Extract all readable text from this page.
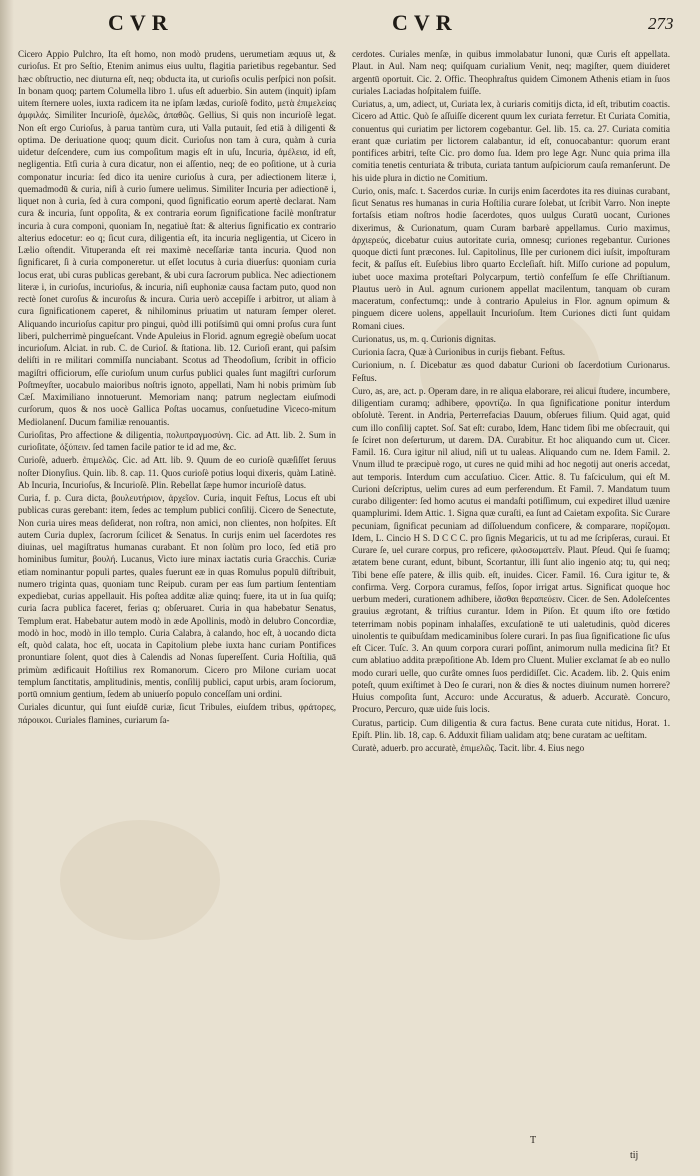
CVR	CVR	273

Cicero Appio Pulchro, Ita eſt homo, non modò prudens, uerumetiam æquus ut, & curioſus. Et pro Seſtio, Etenim animus eius uultu, flagitia parietibus regebantur. Sed hæc obſtructio, nec diuturna eſt, neq; obducta ita, ut curioſis oculis perſpici non poſsit. In bonam quoq; partem Columella libro 1. uſus eſt aduerbio. Sin autem (inquit) ipſam uitem ſternere uoles, iuxta radicem ita ne ipſam lædas, curioſè fodito, μετὰ ἐπιμελείας ἀμφιλάς. Similiter Incurioſè, ἀμελῶς, ἀπαθῶς. Gellius, Si quis non incurioſè legat. Non eſt ergo Curioſus, à parua tantùm cura, uti Valla putauit, ſed etiā à diligenti & optima. De deriuatione quoq; quum dicit. Curioſus non tam à cura, quàm à curia uidetur deſcendere, cum ius compoſitum magis eſt in uſu, Incuria, ἀμέλεια, id eſt, negligentia. Etſi curia à cura dicatur, non ei aſſentio, neq; de eo poſitione, ut à curia componatur incuria: ſed dico ita uenire curioſus à cura, per adiectionem literæ i, quemadmodū & curia, niſi à curio ſumere uelimus. Similiter Incuria per adiectionē i, liquet non à curia, ſed à cura componi, quod ſignificatio eorum apertè declarat. Nam cura & incuria, ſunt oppoſita, & ex contraria eorum ſignificatione facilè monſtratur incuria à cura componi, quoniam In, negatiuè ſtat: & alterius ſignificatio ex contrario alterius edocetur: eo q; ſicut cura, diligentia eſt, ita incuria negligentia, ut Cicero in Lælio oſtendit. Vituperanda eſt rei maximè neceſſariæ tanta incuria. Quod non ſignificaret, ſi à curia componeretur. ut eſſet locutus à curia diuerſus: quoniam curia locus erat, ubi curas publicas gerebant, & ubi cura ſacrorum publica. Nec adiectionem literæ i, in curioſus, incurioſus, & incuria, niſi euphoniæ causa factam puto, quod non rectè ſonet curoſus & incuroſus & incura. Curia uerò accepiſſe i arbitror, ut aliam à cura ſignificationem caperet, & nihilominus priuatim ut naturam ſemper oleret. Aliquando incurioſus capitur pro pingui, quòd illi potiſsimū qui omni proſus cura ſunt liberi, pulcherrimè pingueſcant. Vnde Apuleius in Florid. agnum egregiè obeſum uocat incurioſum. Alciat. in rub. C. de Curioſ. & ſtationa. lib. 12. Curioſi erant, qui paſsim deliſti in re militari commiſſa nunciabant. Scotus ad Theodoſium, ſcribit in officio magiſtri officiorum, eſſe curioſum unum curſus publici quales ſunt magiſtri curſorum Poſtmeyſter, uocabulo maioribus noſtris ignoto, appellati, Nam hi nobis primùm ſub Cæſ. Maximiliano innotuerunt. Memoriam nanq; patrum neglectam eiuſmodi curſorum, quos & nos uocè Gallica Poſtas uocamus, conſuetudine Viceco-mitum Mediolanenſ. Ducum familiæ renouantis.

Curioſitas, Pro affectione & diligentia, πολυπραγμοσύνη. Cic. ad Att. lib. 2. Sum in curioſitate, ὀξύπειν. ſed tamen facile patior te id ad me, &c.

Curioſè, aduerb. ἐπιμελῶς. Cic. ad Att. lib. 9. Quum de eo curioſè quæſiſſet ſeruus noſter Dionyſius. Quin. lib. 8. cap. 11. Quos curioſè potius loqui dixeris, quàm Latinè. Ab Incuria, Incurioſus, & Incurioſè. Plin. Rebellat ſæpe humor incurioſè datus.

Curia, f. p. Cura dicta, βουλευτήριον, ἀρχεῖον. Curia, inquit Feſtus, Locus eſt ubi publicas curas gerebant: item, ſedes ac templum publici conſilij. Cicero de Senectute, Non curia uires meas deſiderat, non roſtra, non amici, non clientes, non hoſpites. Eſt autem Curia duplex, ſacrorum ſcilicet & Senatus. In curijs enim uel ſacerdotes res diuinas, uel magiſtratus humanas curabant. Et non ſolùm pro loco, ſed etiā pro hominibus ſumitur, βουλή. Lucanus, Victo iure minax iactatis curia Gracchis. Curiæ etiam nominantur populi partes, quales fuerunt eæ in quas Romulus populū diſtribuit, numero triginta quas, quoniam tunc Reipub. curam per eas ſum partium ſententiam expediebat, curias appellauit. His poſtea additæ aliæ quinq; fuere, ita ut in ſua quiſq; curia ſacra publica faceret, ferias q; obſeruaret. Curia in qua habebatur Senatus, Templum erat. Habebatur autem modò in æde Apollinis, modò in delubro Concordiæ, modò in hoc, modò in illo templo. Curia Calabra, à calando, hoc eſt, à uocando dicta eſt, quòd calata, hoc eſt, uocata in Capitolium plebe iuxta hanc curiam Pontifices pronuntiare ſolent, quot dies à Calendis ad Nonas ſupereſſent. Curia Hoſtilia, quā primùm ædificauit Hoſtilius rex Romanorum. Cicero pro Milone curiam uocat templum ſanctitatis, amplitudinis, mentis, conſilij publici, caput urbis, aram ſociorum, portū omnium gentium, ſedem ab uniuerſo populo conceſſam uni ordini.

Curiales dicuntur, qui ſunt eiuſdē curiæ, ſicut Tribules, eiuſdem tribus, φράτορες, πάροικοι. Curiales flamines, curiarum ſa-

cerdotes. Curiales menſæ, in quibus immolabatur Iunoni, quæ Curis eſt appellata. Plaut. in Aul. Nam neq; quiſquam curialium Venit, neq; magiſter, quem diuideret argentū oportuit. Cic. 2. Offic. Theophraſtus quidem Cimonem Athenis etiam in ſuos curiales Laciadas hoſpitalem fuiſſe.

Curiatus, a, um, adiect, ut, Curiata lex, à curiaris comitijs dicta, id eſt, tributim coactis. Cicero ad Attic. Quò ſe aſſuiſſe dicerent quum lex curiata ferretur. Et Curiata Comitia, conuentus qui curiatim per lictorem cogebantur. Gel. lib. 15. ca. 27. Curiata comitia erant quæ curiatim per lictorem calabantur, id eſt, conuocabantur: quorum erant pontifices arbitri, teſte Cic. pro domo ſua. Idem pro lege Agr. Nunc quia prima illa comitia tenetis centuriata & tributa, curiata tantum auſpiciorum cauſa remanſerunt. De his uide plura in dictio ne Comitium.

Curio, onis, maſc. t. Sacerdos curiæ. In curijs enim ſacerdotes ita res diuinas curabant, ſicut Senatus res humanas in curia Hoſtilia curare ſolebat, ut ſcribit Varro. Non inepte fortaſsis etiam noſtros hodie ſacerdotes, quos uulgus Curatū uocant, Curiones dixerimus, & Curionatum, quam Curam barbarè appellamus. Curio maximus, ἀρχιερεύς, dicebatur cuius autoritate curia, omnesq; curiones regebantur. Curiones quoque dicti ſunt præcones. Iul. Capitolinus, Ille per curionem dici iuſsit, impoſturam fecit, & paſſus eſt. Euſebius libro quarto Eccleſiaſt. hiſt. Miſſo curione ad populum, iubet uoce maxima proteſtari Polycarpum, tertiò confeſſum ſe eſſe Chriſtianum. Plautus uerò in Aul. agnum curionem appellat macilentum, tanquam ob curam maceratum, confectumq;: unde à contrario Apuleius in Flor. agnum opimum & pinguem dicere uolens, appellauit Incurioſum. Item Curiones dicti ſunt quidam Romani ciues.

Curionatus, us, m. q. Curionis dignitas.

Curionia ſacra, Quæ à Curionibus in curijs fiebant. Feſtus.

Curionium, n. ſ. Dicebatur æs quod dabatur Curioni ob ſacerdotium Curionarus. Feſtus.

Curo, as, are, act. p. Operam dare, in re aliqua elaborare, rei alicui ſtudere, incumbere, diligentiam curamq; adhibere, φροντίζω. In qua ſignificatione ponitur interdum obſolutè. Terent. in Andria, Perterrefacias Dauum, obſerues filium. Quid agat, quid cum illo conſilij captet. Soſ. Sat eſt: curabo, Idem, Hanc tidem ſibi me obſecrauit, qui ſe ſciret non deſerturum, ut darem. DA. Curabitur. Et hoc aliquando cum ut. Cicer. Famil. 16. Cura igitur nil aliud, niſi ut tu ualeas. Aliquando cum ne. Idem Famil. 2. Vnum illud te præcipuè rogo, ut cures ne quid mihi ad hoc negotij aut oneris accedat, aut temporis. Interdum cum accuſatiuo. Cicer. Attic. 8. Tu faſciculum, qui eſt M. Curioni deſcriptus, uelim cures ad eum perferendum. Et Famil. 7. Mandatum tuum curabo diligenter: ſed homo acutus ei mandaſti potiſſimum, cui expediret illud uænire quamplurimi. Idem Attic. 1. Signa quæ curaſti, ea ſunt ad Caietam expoſita. Sic Curare pecuniam, ſignificat pecuniam ad diſſoluendum conficere, & comparare, πορίζομαι. Idem, L. Cincio H S. D C C C. pro ſignis Megaricis, ut tu ad me ſcripſeras, curaui. Et Curare ſe, uel curare corpus, pro reficere, φιλοσωματεῖν. Plaut. Pſeud. Qui ſe ſuamq; ætatem bene curant, edunt, bibunt, Scortantur, illi ſunt alio ingenio atq; tu, qui neq; Tibi bene eſſe patere, & illis quib. eſt, inuides. Cicer. Famil. 16. Cura igitur te, & confirma. Verg. Corpora curamus, feſſos, ſopor irrigat artus. Significat quoque hoc uerbum mederi, curationem adhibere, ἰᾶσθαι θεραπεύειν. Cicer. de Sen. Adoleſcentes grauius ægrotant, & triſtius curantur. Idem in Piſon. Et quum iſto ore fœtido teterrimam nobis popinam inhalaſſes, excuſationē te uti ualetudinis, quòd diceres uinolentis te quibuſdam medicaminibus ſolere curari. In pas ſiua ſignificatione ſic uſus eſt Cicer. Tuſc. 3. An quum corpora curari poſſint, animorum nulla medicina ſit? Et cum ablatiuo addita præpoſitione Ab. Idem pro Cluent. Mulier exclamat ſe ab eo nullo modo curari uelle, quo curâte omnes ſuos perdidiſſet. Cic. Academ. lib. 2. Quis enim poteſt, quum exiſtimet à Deo ſe curari, non & dies & noctes diuinum numen horrere? Huius compoſita ſunt, Accuro: unde Accuratus, & aduerb. Accuratè. Concuro, Procuro, Percuro, quæ uide ſuis locis.

Curatus, particip. Cum diligentia & cura factus. Bene curata cute nitidus, Horat. 1. Epiſt. Plin. lib. 18, cap. 6. Adduxit filiam ualidam atq; bene curatam ac ueſtitam.

Curatè, aduerb. pro accuratè, ἐπιμελῶς. Tacit. libr. 4. Eius nego

T
tij
